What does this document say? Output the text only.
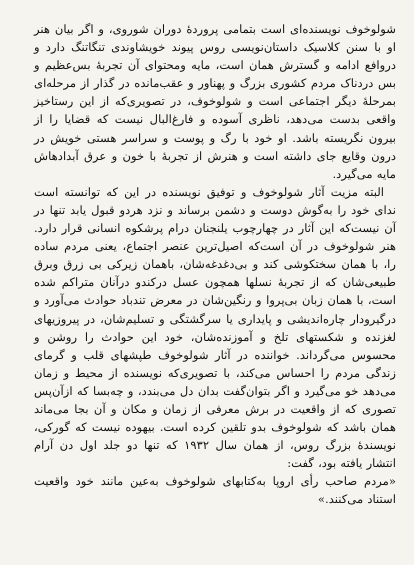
شولوخوف نویسنده‌ای است بتمامی پروردهٔ دوران شوروی، و اگر بیان هنر او با سنن کلاسیک داستان‌نویسی روس پیوند خویشاوندی تنگاتنگ دارد و دروافع ادامه و گسترش همان است، مایه ومحتوای آن تجربهٔ بس‌عظیم و بس دردناک مردم کشوری بزرگ و پهناور و عقب‌مانده در گذار از مرحله‌ای بمرحلهٔ دیگر اجتماعی است و شولوخوف، در تصویری‌که از این رستاخیز واقعی بدست می‌دهد، ناظری آسوده و فارغ‌البال نیست که قضایا را از بیرون نگریسته باشد. او خود با رگ و پوست و سراسر هستی خویش در درون وقایع جای داشته است و هنرش از تجربهٔ با خون و عرق آبدادهاش مایه می‌گیرد.

البته مزیت آثار شولوخوف و توفیق نویسنده در این که توانسته است ندای خود را به‌گوش دوست و دشمن برساند و نزد هردو قبول یابد تنها در آن نیست‌که این آثار در چهارچوب یلنجنان درام پرشکوه انسانی قرار دارد. هنر شولوخوف در آن است‌که اصیل‌ترین عنصر اجتماع، یعنی مردم ساده را، با همان سختکوشی کند و بی‌دغدغه‌شان، باهمان زیرکی بی زرق وبرق طبیعی‌شان که از تجربهٔ نسلها همچون عسل درکندو درآنان متراکم شده است، با همان زبان بی‌پروا و رنگین‌شان در معرض تندباد حوادث می‌آورد و درگیرودار چاره‌اندیشی و پایداری یا سرگشتگی و تسلیم‌شان، در پیروزیهای لغزنده و شکستهای تلخ و آموزنده‌شان، خود این حوادث را روشن و محسوس می‌گرداند. خواننده در آثار شولوخوف طپشهای قلب و گرمای زندگی مردم را احساس می‌کند، با تصویری‌که نویسنده از محیط و زمان می‌دهد خو می‌گیرد و اگر بتوان‌گفت بدان دل می‌بندد، و چه‌بسا که ازآن‌پس تصوری که از واقعیت در برش معرفی از زمان و مکان و آن بجا می‌ماند همان باشد که شولوخوف بدو تلقین کرده است. بیهوده نیست که گورکی، نویسندهٔ بزرگ روس، از همان سال ۱۹۳۲ که تنها دو جلد اول دن آرام انتشار یافته بود، گفت:

«مردم صاحب رأی اروپا به‌کتابهای شولوخوف به‌عین مانند خود واقعیت استناد می‌کنند.»
